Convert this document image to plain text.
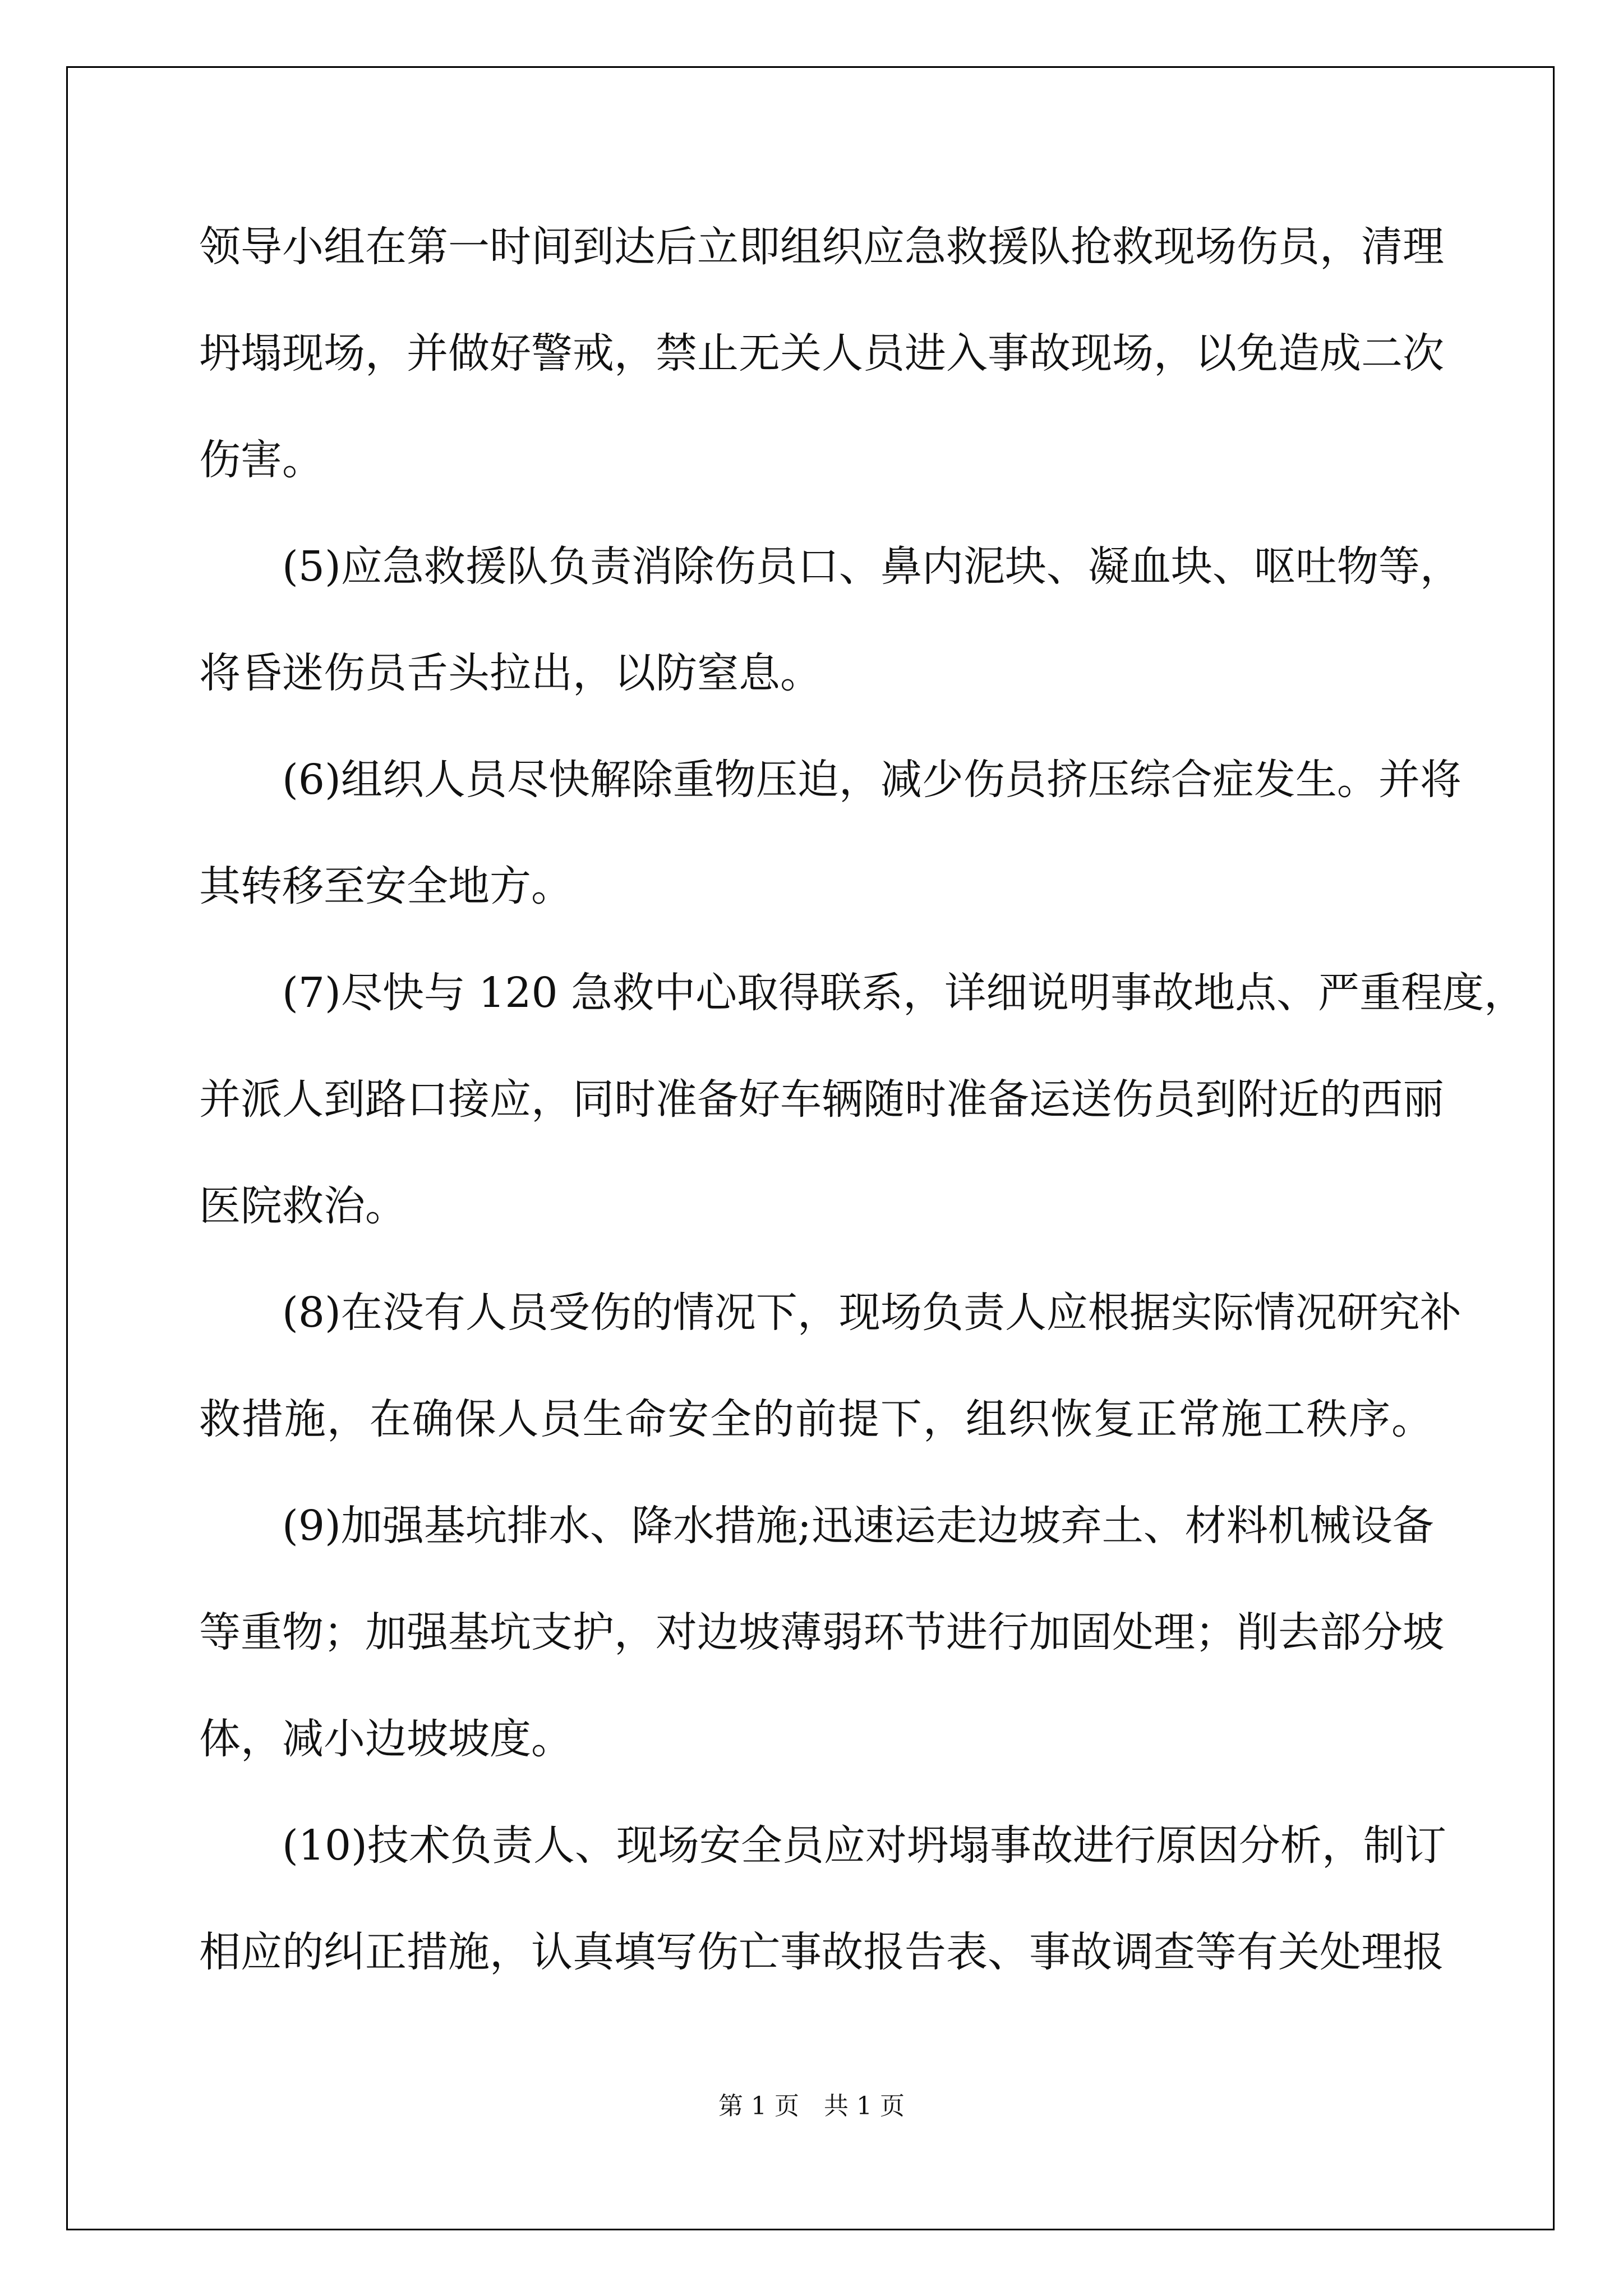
领导小组在第一时间到达后立即组织应急救援队抢救现场伤员，清理

坍塌现场，并做好警戒，禁止无关人员进入事故现场，以免造成二次

伤害。

　　(5)应急救援队负责消除伤员口、鼻内泥块、凝血块、呕吐物等，

将昏迷伤员舌头拉出，以防窒息。

　　(6)组织人员尽快解除重物压迫，减少伤员挤压综合症发生。并将

其转移至安全地方。

　　(7)尽快与 120 急救中心取得联系，详细说明事故地点、严重程度，

并派人到路口接应，同时准备好车辆随时准备运送伤员到附近的西丽

医院救治。

　　(8)在没有人员受伤的情况下，现场负责人应根据实际情况研究补

救措施，在确保人员生命安全的前提下，组织恢复正常施工秩序。

　　(9)加强基坑排水、降水措施;迅速运走边坡弃土、材料机械设备

等重物；加强基坑支护，对边坡薄弱环节进行加固处理；削去部分坡

体，减小边坡坡度。

　　(10)技术负责人、现场安全员应对坍塌事故进行原因分析，制订

相应的纠正措施，认真填写伤亡事故报告表、事故调查等有关处理报

第 1 页　共 1 页
